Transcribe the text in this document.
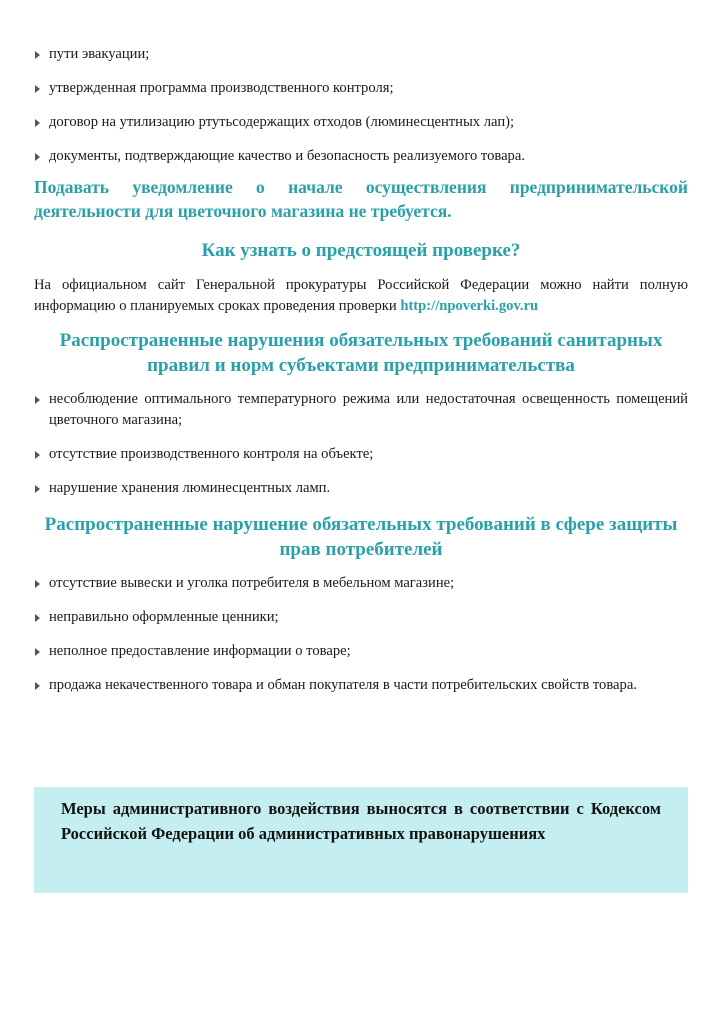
пути эвакуации;
утвержденная программа производственного контроля;
договор на утилизацию ртутьсодержащих отходов (люминесцентных лап);
документы, подтверждающие качество и безопасность реализуемого товара.

Подавать уведомление о начале осуществления предпринимательской деятельности для цветочного магазина не требуется.

Как узнать о предстоящей проверке?

На официальном сайт Генеральной прокуратуры Российской Федерации можно найти полную информацию о планируемых сроках проведения проверки http://npoverki.gov.ru

Распространенные нарушения обязательных требований санитарных правил и норм субъектами предпринимательства
несоблюдение оптимального температурного режима или недостаточная освещенность помещений цветочного магазина;
отсутствие производственного контроля на объекте;
нарушение хранения люминесцентных ламп.
Распространенные нарушение обязательных требований в сфере защиты прав потребителей
отсутствие вывески и уголка потребителя в мебельном магазине;
неправильно оформленные ценники;
неполное предоставление информации о товаре;
продажа некачественного товара и обман покупателя в части потребительских свойств товара.

Меры административного воздействия выносятся в соответствии с Кодексом Российской Федерации об административных правонарушениях
